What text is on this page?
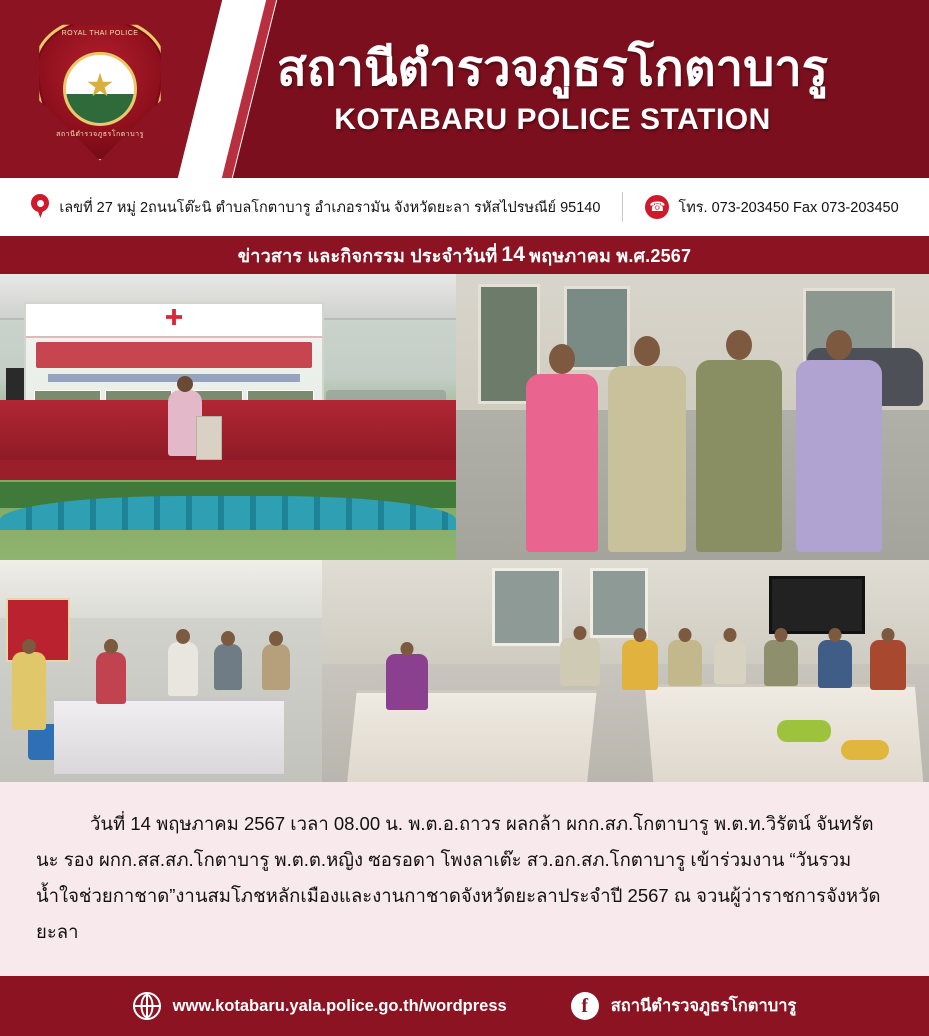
ROYAL THAI POLICE
สถานีตำรวจภูธรโกตาบารู
สถานีตำรวจภูธรโกตาบารู
KOTABARU POLICE STATION
เลขที่ 27 หมู่ 2ถนนโต๊ะนิ ตำบลโกตาบารู อำเภอรามัน จังหวัดยะลา รหัสไปรษณีย์ 95140	☎ โทร. 073-203450 Fax 073-203450
ข่าวสาร และกิจกรรม ประจำวันที่ 14 พฤษภาคม พ.ศ.2567

วันที่ 14 พฤษภาคม 2567 เวลา 08.00 น. พ.ต.อ.ถาวร ผลกล้า ผกก.สภ.โกตาบารู พ.ต.ท.วิรัตน์ จันทรัตนะ รอง ผกก.สส.สภ.โกตาบารู พ.ต.ต.หญิง ซอรอดา โพงลาเต๊ะ สว.อก.สภ.โกตาบารู เข้าร่วมงาน “วันรวมน้ำใจช่วยกาชาด”งานสมโภชหลักเมืองและงานกาชาดจังหวัดยะลาประจำปี 2567 ณ จวนผู้ว่าราชการจังหวัดยะลา

www.kotabaru.yala.police.go.th/wordpress	f	สถานีตำรวจภูธรโกตาบารู
